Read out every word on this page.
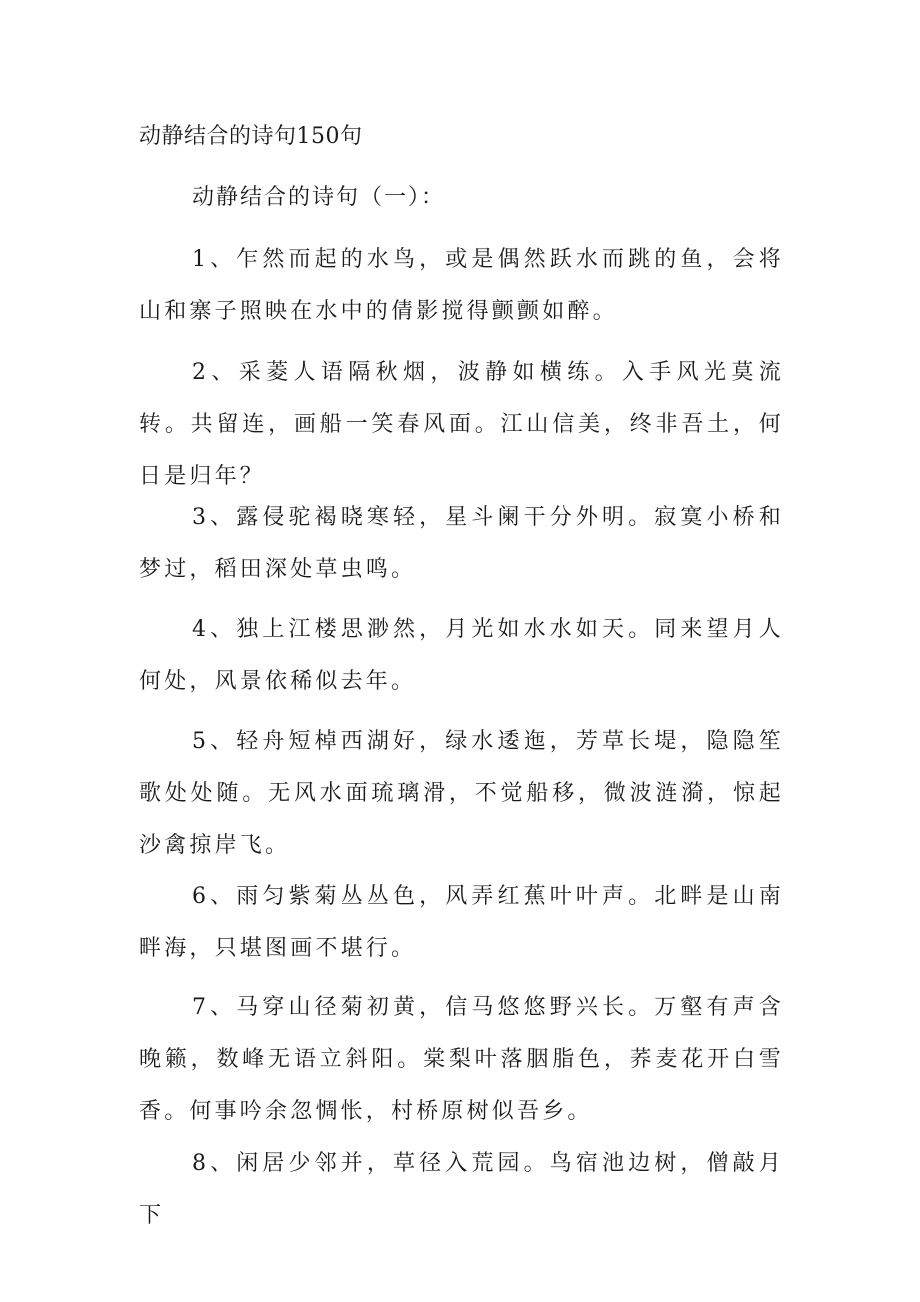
动静结合的诗句150句
动静结合的诗句（一）：

1、乍然而起的水鸟，或是偶然跃水而跳的鱼，会将山和寨子照映在水中的倩影搅得颤颤如醉。

2、采菱人语隔秋烟，波静如横练。入手风光莫流转。共留连，画船一笑春风面。江山信美，终非吾土，何日是归年？

3、露侵驼褐晓寒轻，星斗阑干分外明。寂寞小桥和梦过，稻田深处草虫鸣。

4、独上江楼思渺然，月光如水水如天。同来望月人何处，风景依稀似去年。

5、轻舟短棹西湖好，绿水逶迤，芳草长堤，隐隐笙歌处处随。无风水面琉璃滑，不觉船移，微波涟漪，惊起沙禽掠岸飞。

6、雨匀紫菊丛丛色，风弄红蕉叶叶声。北畔是山南畔海，只堪图画不堪行。

7、马穿山径菊初黄，信马悠悠野兴长。万壑有声含晚籁，数峰无语立斜阳。棠梨叶落胭脂色，荞麦花开白雪香。何事吟余忽惆怅，村桥原树似吾乡。

8、闲居少邻并，草径入荒园。鸟宿池边树，僧敲月下
